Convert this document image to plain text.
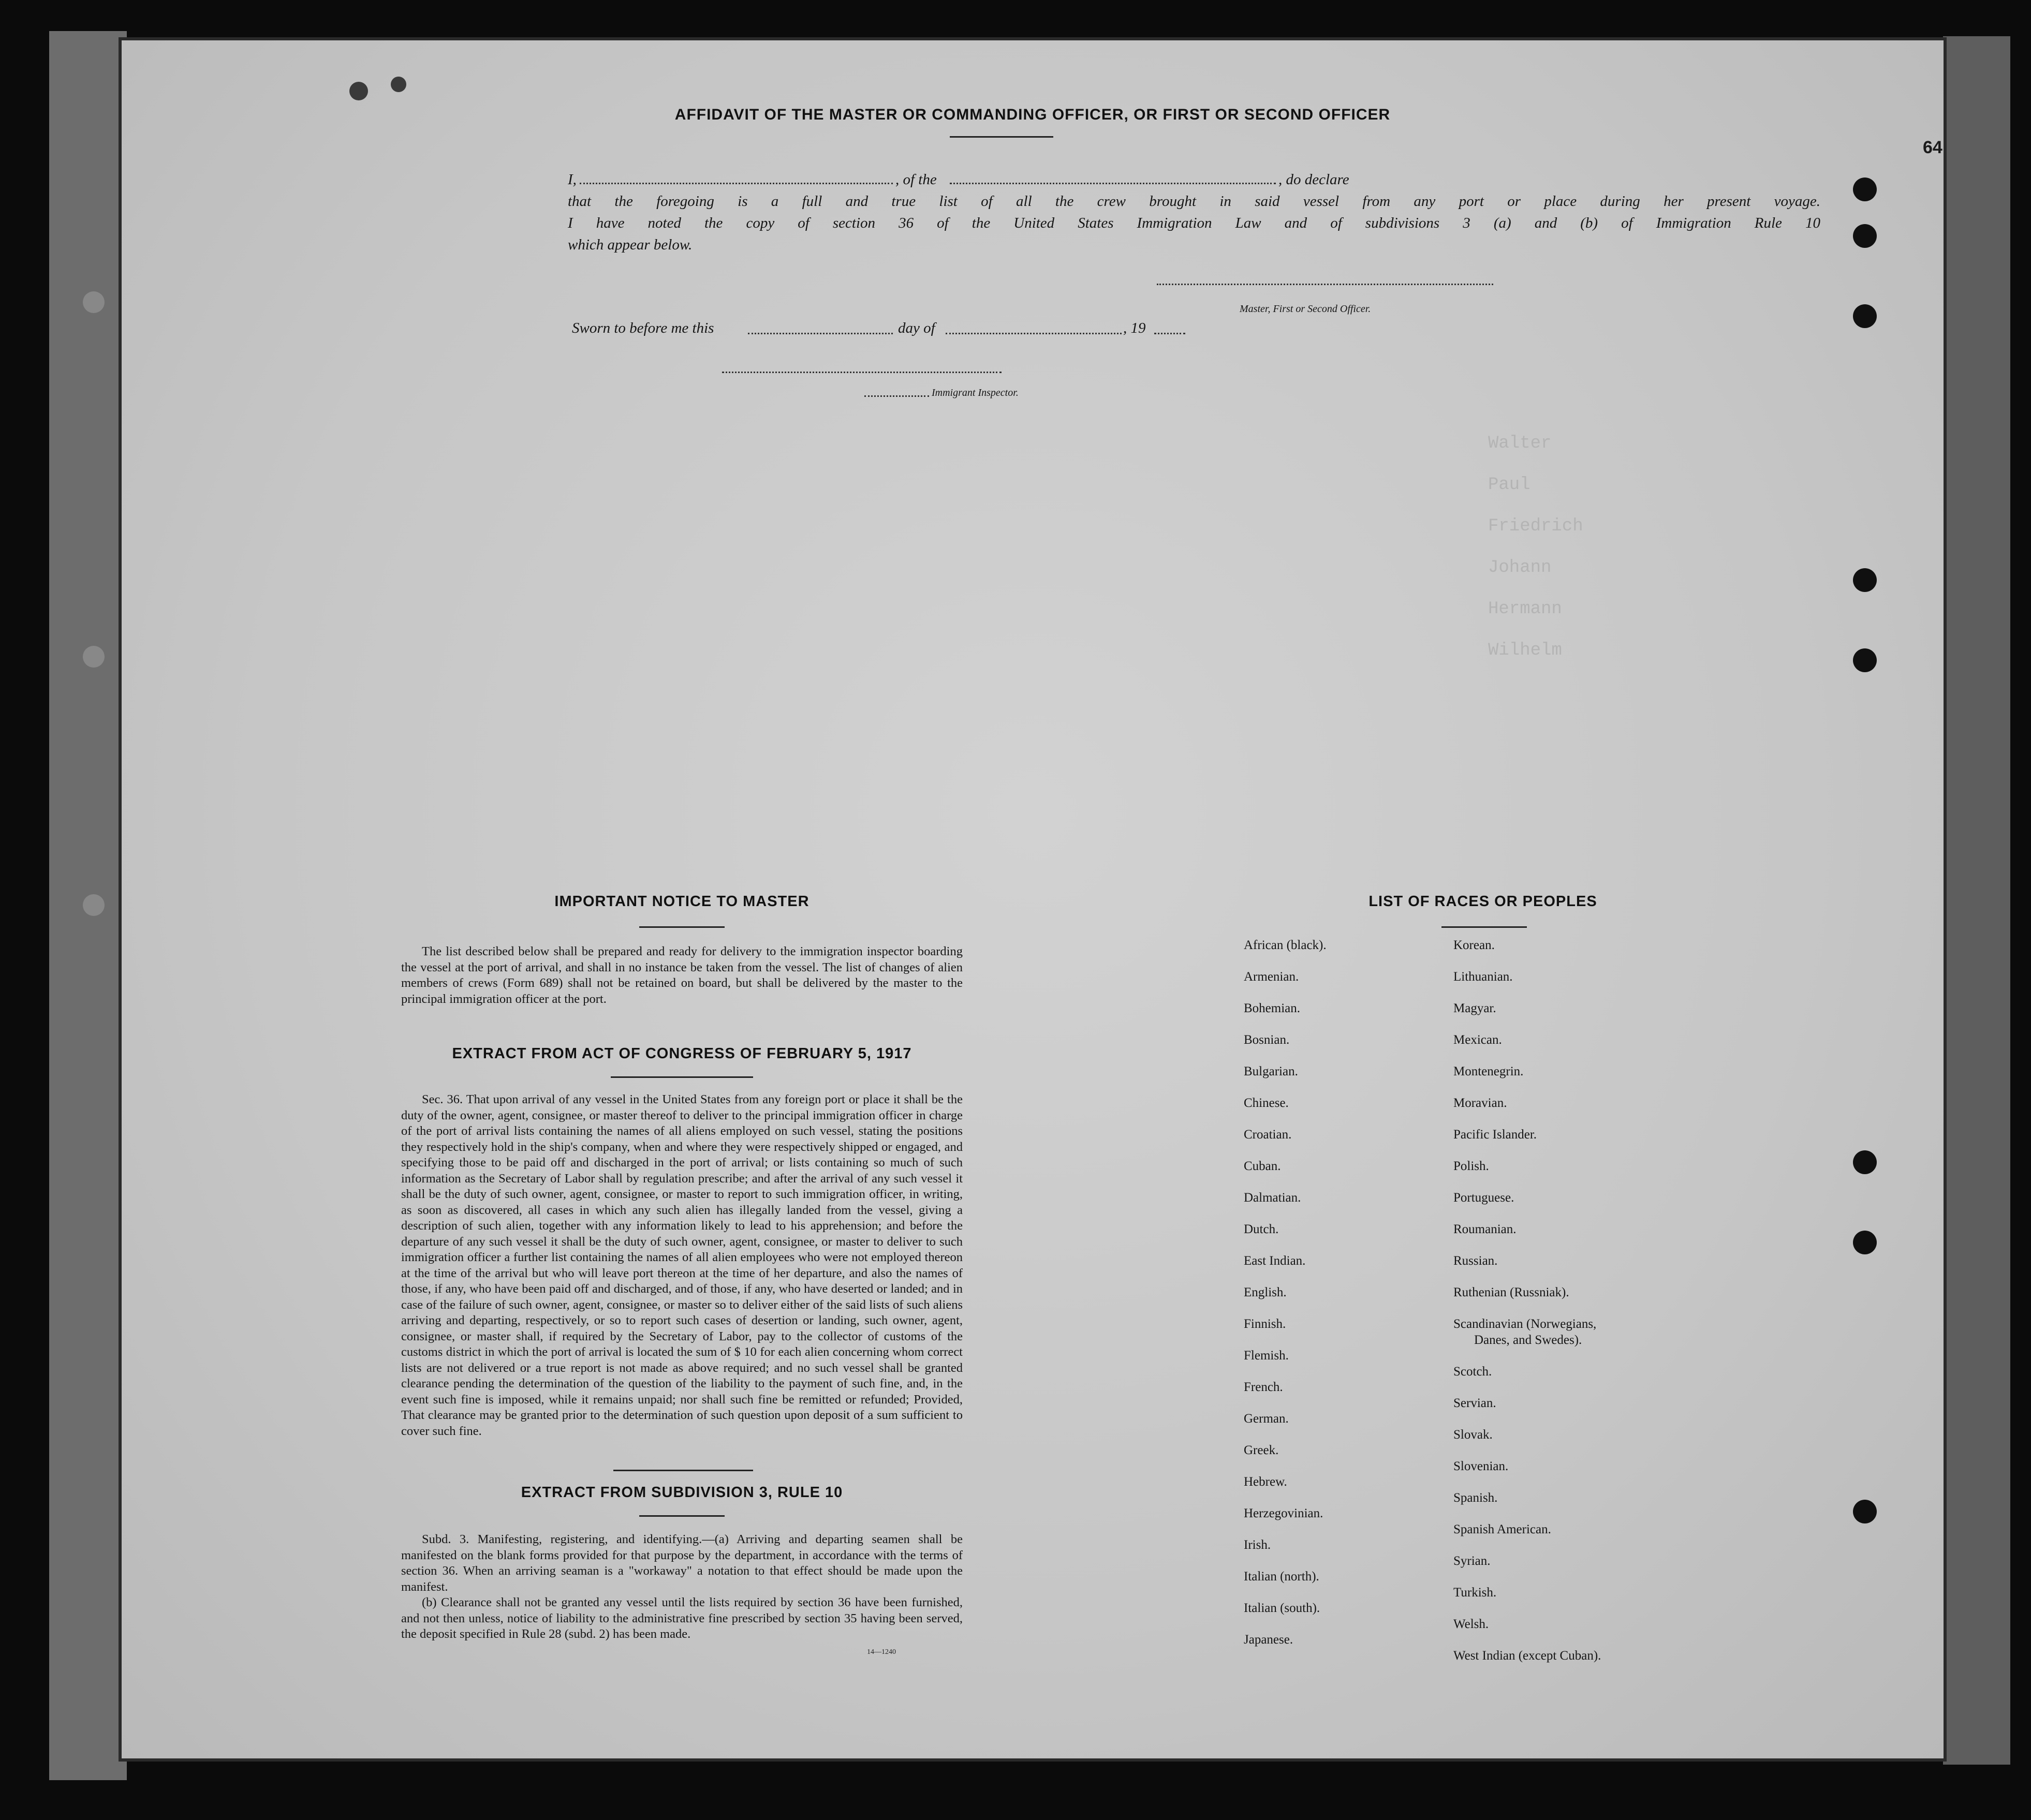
64
Walter
Paul
Friedrich
Johann
Hermann
Wilhelm
AFFIDAVIT OF THE MASTER OR COMMANDING OFFICER, OR FIRST OR SECOND OFFICER
I,	, of the	, do declare
that the foregoing is a full and true list of all the crew brought in said vessel from any port or place during her present voyage.
I have noted the copy of section 36 of the United States Immigration Law and of subdivisions 3 (a) and (b) of Immigration Rule 10
which appear below.
Master, First or Second Officer.
Sworn to before me this	day of	, 19
Immigrant Inspector.
IMPORTANT NOTICE TO MASTER
The list described below shall be prepared and ready for delivery to the immigration inspector boarding the vessel at the port of arrival, and shall in no instance be taken from the vessel. The list of changes of alien members of crews (Form 689) shall not be retained on board, but shall be delivered by the master to the principal immigration officer at the port.
EXTRACT FROM ACT OF CONGRESS OF FEBRUARY 5, 1917
Sec. 36. That upon arrival of any vessel in the United States from any foreign port or place it shall be the duty of the owner, agent, consignee, or master thereof to deliver to the principal immigration officer in charge of the port of arrival lists containing the names of all aliens employed on such vessel, stating the positions they respectively hold in the ship's company, when and where they were respectively shipped or engaged, and specifying those to be paid off and discharged in the port of arrival; or lists containing so much of such information as the Secretary of Labor shall by regulation prescribe; and after the arrival of any such vessel it shall be the duty of such owner, agent, consignee, or master to report to such immigration officer, in writing, as soon as discovered, all cases in which any such alien has illegally landed from the vessel, giving a description of such alien, together with any information likely to lead to his apprehension; and before the departure of any such vessel it shall be the duty of such owner, agent, consignee, or master to deliver to such immigration officer a further list containing the names of all alien employees who were not employed thereon at the time of the arrival but who will leave port thereon at the time of her departure, and also the names of those, if any, who have been paid off and discharged, and of those, if any, who have deserted or landed; and in case of the failure of such owner, agent, consignee, or master so to deliver either of the said lists of such aliens arriving and departing, respectively, or so to report such cases of desertion or landing, such owner, agent, consignee, or master shall, if required by the Secretary of Labor, pay to the collector of customs of the customs district in which the port of arrival is located the sum of $ 10 for each alien concerning whom correct lists are not delivered or a true report is not made as above required; and no such vessel shall be granted clearance pending the determination of the question of the liability to the payment of such fine, and, in the event such fine is imposed, while it remains unpaid; nor shall such fine be remitted or refunded; Provided, That clearance may be granted prior to the determination of such question upon deposit of a sum sufficient to cover such fine.
EXTRACT FROM SUBDIVISION 3, RULE 10
Subd. 3. Manifesting, registering, and identifying.—(a) Arriving and departing seamen shall be manifested on the blank forms provided for that purpose by the department, in accordance with the terms of section 36. When an arriving seaman is a "workaway" a notation to that effect should be made upon the manifest.
(b) Clearance shall not be granted any vessel until the lists required by section 36 have been furnished, and not then unless, notice of liability to the administrative fine prescribed by section 35 having been served, the deposit specified in Rule 28 (subd. 2) has been made.
14—1240
LIST OF RACES OR PEOPLES
African (black).
Armenian.
Bohemian.
Bosnian.
Bulgarian.
Chinese.
Croatian.
Cuban.
Dalmatian.
Dutch.
East Indian.
English.
Finnish.
Flemish.
French.
German.
Greek.
Hebrew.
Herzegovinian.
Irish.
Italian (north).
Italian (south).
Japanese.
Korean.
Lithuanian.
Magyar.
Mexican.
Montenegrin.
Moravian.
Pacific Islander.
Polish.
Portuguese.
Roumanian.
Russian.
Ruthenian (Russniak).
Scandinavian (Norwegians,
Danes, and Swedes).
Scotch.
Servian.
Slovak.
Slovenian.
Spanish.
Spanish American.
Syrian.
Turkish.
Welsh.
West Indian (except Cuban).
